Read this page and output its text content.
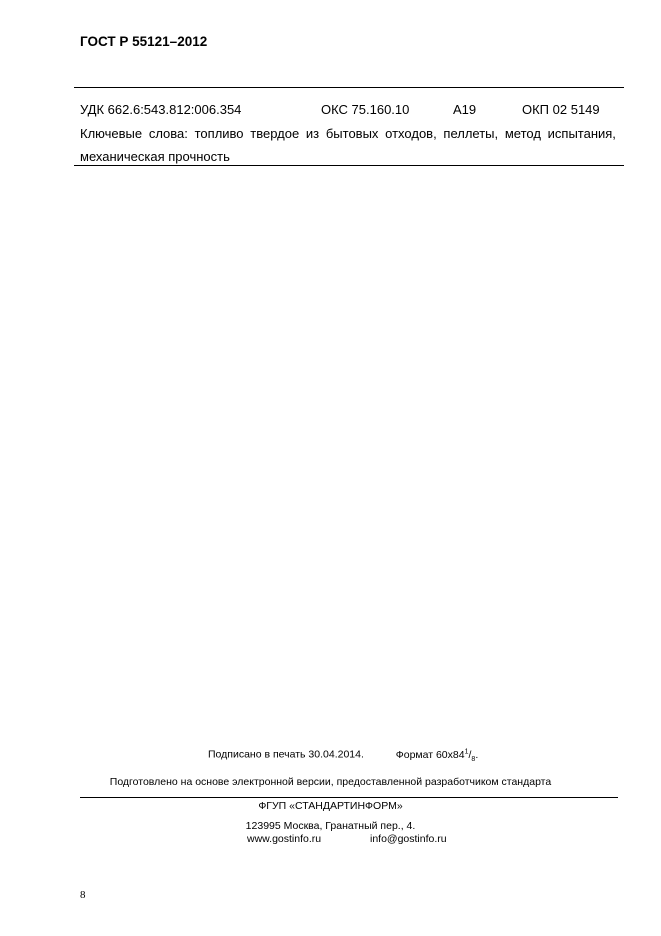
ГОСТ Р 55121–2012
УДК 662.6:543.812:006.354	ОКС 75.160.10	А19	ОКП 02 5149
Ключевые слова: топливо твердое из бытовых отходов, пеллеты, метод испытания,
механическая прочность
Подписано в печать 30.04.2014.	Формат $60х84^1/_8$.
Подготовлено на основе электронной версии, предоставленной разработчиком стандарта
ФГУП «СТАНДАРТИНФОРМ»
123995 Москва, Гранатный пер., 4.
www.gostinfo.ru	info@gostinfo.ru
8
